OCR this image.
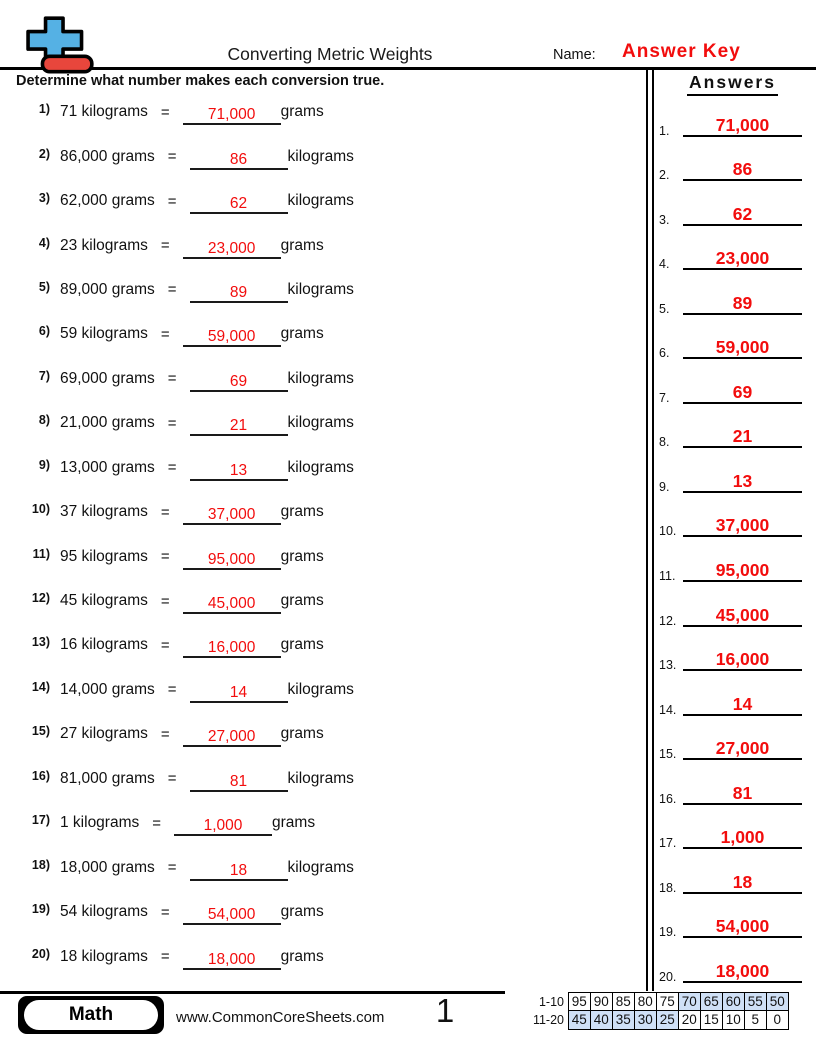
Converting Metric Weights	Name: Answer Key
Determine what number makes each conversion true.
1) 71 kilograms = 71,000 grams
2) 86,000 grams =	86	kilograms
3) 62,000 grams =	62	kilograms
4) 23 kilograms = 23,000 grams
5) 89,000 grams =	89	kilograms
6) 59 kilograms = 59,000 grams
7) 69,000 grams =	69	kilograms
8) 21,000 grams =	21	kilograms
9) 13,000 grams =	13	kilograms
10) 37 kilograms = 37,000 grams
11) 95 kilograms = 95,000 grams
12) 45 kilograms = 45,000 grams
13) 16 kilograms = 16,000 grams
14) 14,000 grams =	14	kilograms
15) 27 kilograms = 27,000 grams
16) 81,000 grams =	81	kilograms
17) 1 kilograms =	1,000 grams
18) 18,000 grams =	18	kilograms
19) 54 kilograms = 54,000 grams
20) 18 kilograms = 18,000 grams
Answers
1.	71,000
2.	86
3.	62
4.	23,000
5.	89
6.	59,000
7.	69
8.	21
9.	13
10.	37,000
11.	95,000
12.	45,000
13.	16,000
14.	14
15.	27,000
16.	81
17.	1,000
18.	18
19.	54,000
20.	18,000
Math	www.CommonCoreSheets.com	1	1-10 95 90 85 80 75 70 65 60 55 50
11-20 45 40 35 30 25 20 15 10 5	0
